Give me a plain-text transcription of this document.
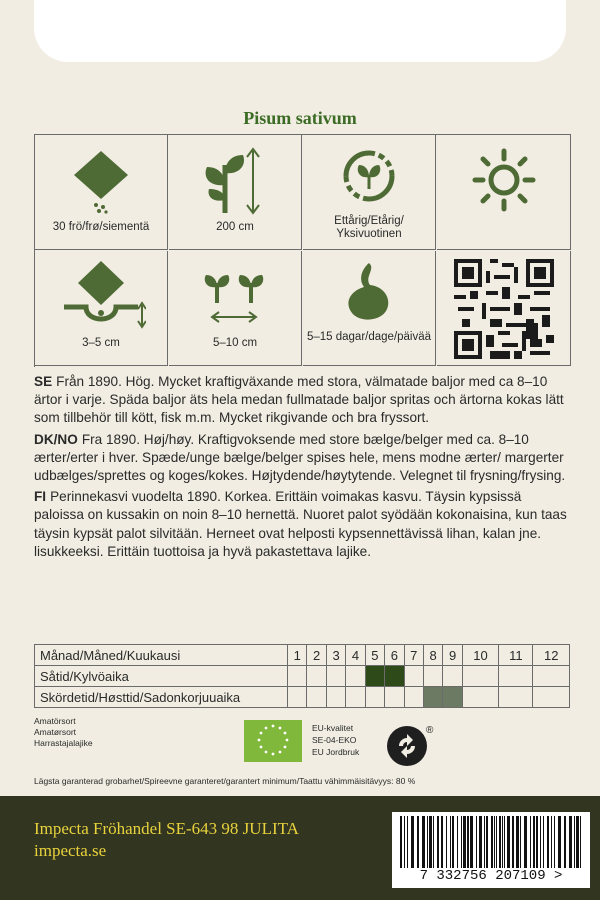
Pisum sativum
30 frö/frø/siementä	200 cm	Ettårig/Etårig/ Yksivuotinen
3–5 cm	5–10 cm	5–15 dagar/dage/päivää

SE Från 1890. Hög. Mycket kraftigväxande med stora, välmatade baljor med ca 8–10 ärtor i varje. Späda baljor äts hela medan fullmatade baljor spritas och ärtorna kokas lätt som tillbehör till kött, fisk m.m. Mycket rikgivande och bra fryssort.

DK/NO Fra 1890. Høj/høy. Kraftigvoksende med store bælge/belger med ca. 8–10 ærter/erter i hver. Spæde/unge bælge/belger spises hele, mens modne ærter/ margerter udbælges/sprettes og koges/kokes. Højtydende/høytytende. Velegnet til frysning/frysing.

FI Perinnekasvi vuodelta 1890. Korkea. Erittäin voimakas kasvu. Täysin kypsissä paloissa on kussakin on noin 8–10 hernettä. Nuoret palot syödään kokonaisina, kun taas täysin kypsät palot silvitään. Herneet ovat helposti kypsennettävissä lihan, kalan jne. lisukkeeksi. Erittäin tuottoisa ja hyvä pakastettava lajike.

Månad/Måned/Kuukausi	1	2	3	4	5	6	7	8	9	10	11	12
Såtid/Kylvöaika												
Skördetid/Høsttid/Sadonkorjuuaika												
Amatörsort
Amatørsort
Harrastajalajike
EU-kvalitet
SE-04-EKO
EU Jordbruk
®
Lägsta garanterad grobarhet/Spireevne garanteret/garantert minimum/Taattu vähimmäisitävyys: 80 %
Impecta Fröhandel SE-643 98 JULITA
impecta.se
7 332756 207109 >
